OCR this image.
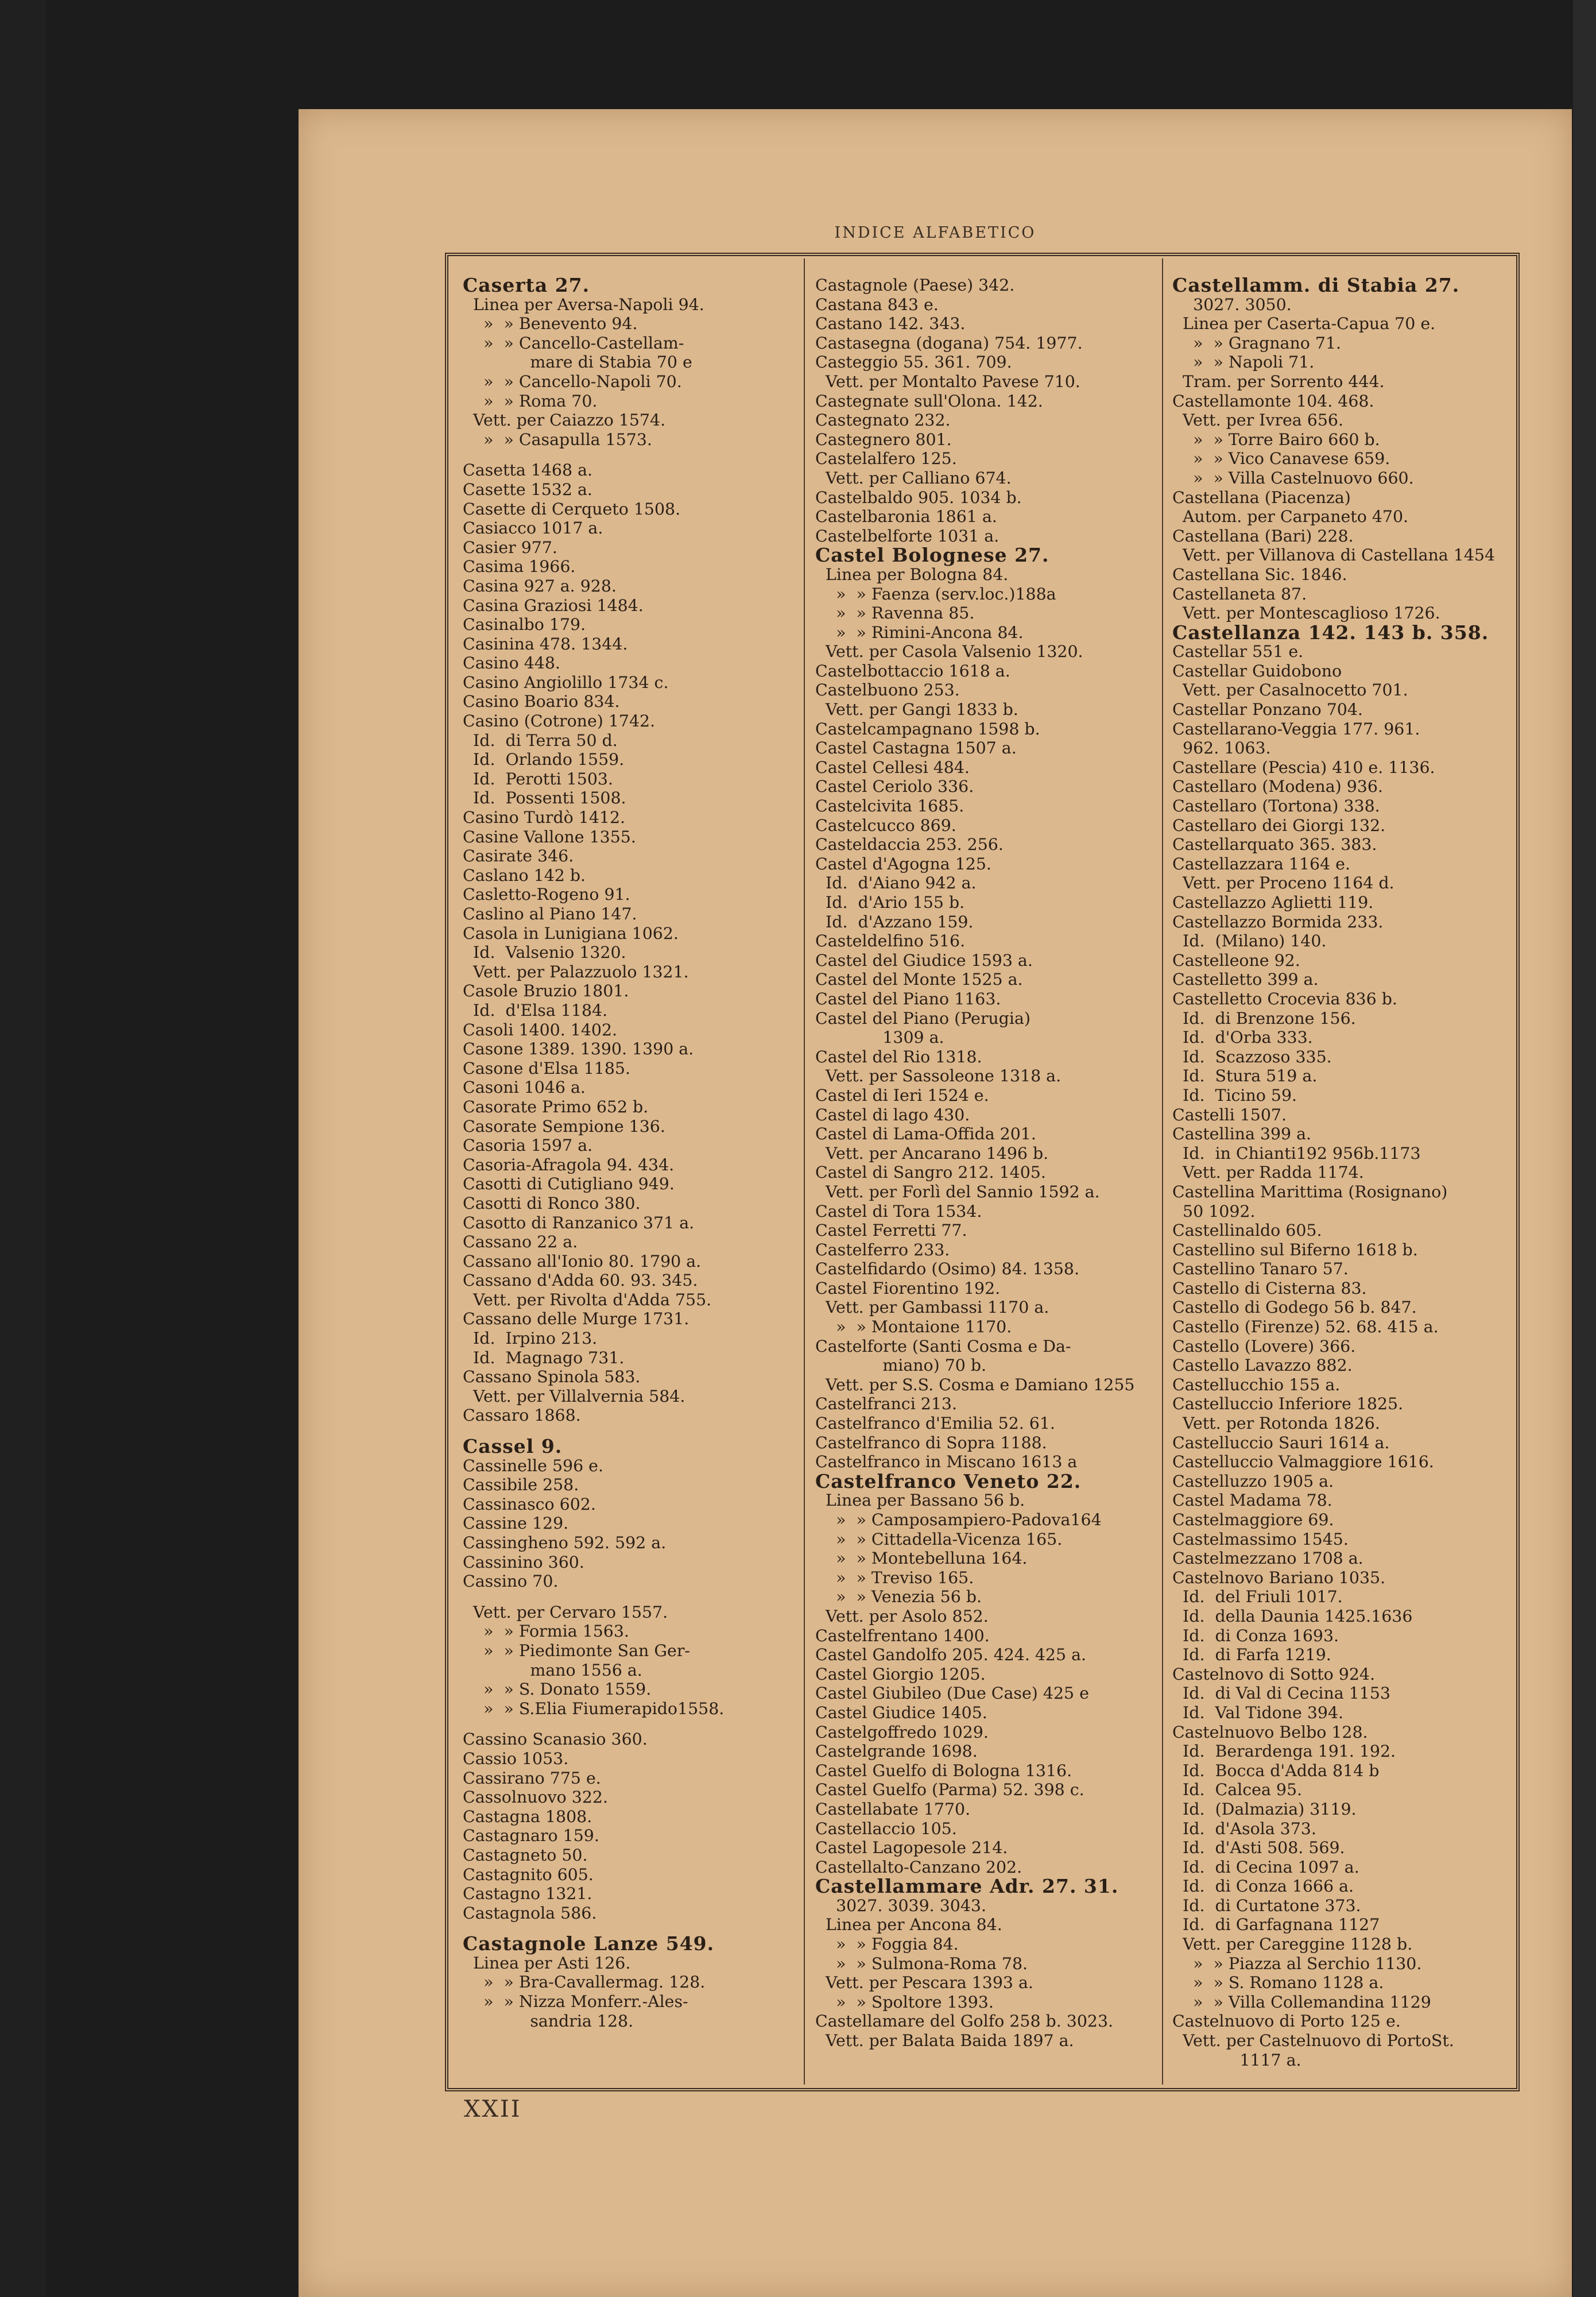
INDICE ALFABETICO
Caserta 27.
Linea per Aversa-Napoli 94.
»  » Benevento 94.
»  » Cancello-Castellam-
mare di Stabia 70 e
»  » Cancello-Napoli 70.
»  » Roma 70.
Vett. per Caiazzo 1574.
»  » Casapulla 1573.
Casetta 1468 a.
Casette 1532 a.
Casette di Cerqueto 1508.
Casiacco 1017 a.
Casier 977.
Casima 1966.
Casina 927 a. 928.
Casina Graziosi 1484.
Casinalbo 179.
Casinina 478. 1344.
Casino 448.
Casino Angiolillo 1734 c.
Casino Boario 834.
Casino (Cotrone) 1742.
Id.  di Terra 50 d.
Id.  Orlando 1559.
Id.  Perotti 1503.
Id.  Possenti 1508.
Casino Turdò 1412.
Casine Vallone 1355.
Casirate 346.
Caslano 142 b.
Casletto-Rogeno 91.
Caslino al Piano 147.
Casola in Lunigiana 1062.
Id.  Valsenio 1320.
Vett. per Palazzuolo 1321.
Casole Bruzio 1801.
Id.  d'Elsa 1184.
Casoli 1400. 1402.
Casone 1389. 1390. 1390 a.
Casone d'Elsa 1185.
Casoni 1046 a.
Casorate Primo 652 b.
Casorate Sempione 136.
Casoria 1597 a.
Casoria-Afragola 94. 434.
Casotti di Cutigliano 949.
Casotti di Ronco 380.
Casotto di Ranzanico 371 a.
Cassano 22 a.
Cassano all'Ionio 80. 1790 a.
Cassano d'Adda 60. 93. 345.
Vett. per Rivolta d'Adda 755.
Cassano delle Murge 1731.
Id.  Irpino 213.
Id.  Magnago 731.
Cassano Spinola 583.
Vett. per Villalvernia 584.
Cassaro 1868.
Cassel 9.
Cassinelle 596 e.
Cassibile 258.
Cassinasco 602.
Cassine 129.
Cassingheno 592. 592 a.
Cassinino 360.
Cassino 70.
Vett. per Cervaro 1557.
»  » Formia 1563.
»  » Piedimonte San Ger-
mano 1556 a.
»  » S. Donato 1559.
»  » S.Elia Fiumerapido1558.
Cassino Scanasio 360.
Cassio 1053.
Cassirano 775 e.
Cassolnuovo 322.
Castagna 1808.
Castagnaro 159.
Castagneto 50.
Castagnito 605.
Castagno 1321.
Castagnola 586.
Castagnole Lanze 549.
Linea per Asti 126.
»  » Bra-Cavallermag. 128.
»  » Nizza Monferr.-Ales-
sandria 128.
Castagnole (Paese) 342.
Castana 843 e.
Castano 142. 343.
Castasegna (dogana) 754. 1977.
Casteggio 55. 361. 709.
Vett. per Montalto Pavese 710.
Castegnate sull'Olona. 142.
Castegnato 232.
Castegnero 801.
Castelalfero 125.
Vett. per Calliano 674.
Castelbaldo 905. 1034 b.
Castelbaronia 1861 a.
Castelbelforte 1031 a.
Castel Bolognese 27.
Linea per Bologna 84.
»  » Faenza (serv.loc.)188a
»  » Ravenna 85.
»  » Rimini-Ancona 84.
Vett. per Casola Valsenio 1320.
Castelbottaccio 1618 a.
Castelbuono 253.
Vett. per Gangi 1833 b.
Castelcampagnano 1598 b.
Castel Castagna 1507 a.
Castel Cellesi 484.
Castel Ceriolo 336.
Castelcivita 1685.
Castelcucco 869.
Casteldaccia 253. 256.
Castel d'Agogna 125.
Id.  d'Aiano 942 a.
Id.  d'Ario 155 b.
Id.  d'Azzano 159.
Casteldelfino 516.
Castel del Giudice 1593 a.
Castel del Monte 1525 a.
Castel del Piano 1163.
Castel del Piano (Perugia)
1309 a.
Castel del Rio 1318.
Vett. per Sassoleone 1318 a.
Castel di Ieri 1524 e.
Castel di lago 430.
Castel di Lama-Offida 201.
Vett. per Ancarano 1496 b.
Castel di Sangro 212. 1405.
Vett. per Forlì del Sannio 1592 a.
Castel di Tora 1534.
Castel Ferretti 77.
Castelferro 233.
Castelfidardo (Osimo) 84. 1358.
Castel Fiorentino 192.
Vett. per Gambassi 1170 a.
»  » Montaione 1170.
Castelforte (Santi Cosma e Da-
miano) 70 b.
Vett. per S.S. Cosma e Damiano 1255
Castelfranci 213.
Castelfranco d'Emilia 52. 61.
Castelfranco di Sopra 1188.
Castelfranco in Miscano 1613 a
Castelfranco Veneto 22.
Linea per Bassano 56 b.
»  » Camposampiero-Padova164
»  » Cittadella-Vicenza 165.
»  » Montebelluna 164.
»  » Treviso 165.
»  » Venezia 56 b.
Vett. per Asolo 852.
Castelfrentano 1400.
Castel Gandolfo 205. 424. 425 a.
Castel Giorgio 1205.
Castel Giubileo (Due Case) 425 e
Castel Giudice 1405.
Castelgoffredo 1029.
Castelgrande 1698.
Castel Guelfo di Bologna 1316.
Castel Guelfo (Parma) 52. 398 c.
Castellabate 1770.
Castellaccio 105.
Castel Lagopesole 214.
Castellalto-Canzano 202.
Castellammare Adr. 27. 31.
3027. 3039. 3043.
Linea per Ancona 84.
»  » Foggia 84.
»  » Sulmona-Roma 78.
Vett. per Pescara 1393 a.
»  » Spoltore 1393.
Castellamare del Golfo 258 b. 3023.
Vett. per Balata Baida 1897 a.
Castellamm. di Stabia 27.
3027. 3050.
Linea per Caserta-Capua 70 e.
»  » Gragnano 71.
»  » Napoli 71.
Tram. per Sorrento 444.
Castellamonte 104. 468.
Vett. per Ivrea 656.
»  » Torre Bairo 660 b.
»  » Vico Canavese 659.
»  » Villa Castelnuovo 660.
Castellana (Piacenza)
Autom. per Carpaneto 470.
Castellana (Bari) 228.
Vett. per Villanova di Castellana 1454
Castellana Sic. 1846.
Castellaneta 87.
Vett. per Montescaglioso 1726.
Castellanza 142. 143 b. 358.
Castellar 551 e.
Castellar Guidobono
Vett. per Casalnocetto 701.
Castellar Ponzano 704.
Castellarano-Veggia 177. 961.
962. 1063.
Castellare (Pescia) 410 e. 1136.
Castellaro (Modena) 936.
Castellaro (Tortona) 338.
Castellaro dei Giorgi 132.
Castellarquato 365. 383.
Castellazzara 1164 e.
Vett. per Proceno 1164 d.
Castellazzo Aglietti 119.
Castellazzo Bormida 233.
Id.  (Milano) 140.
Castelleone 92.
Castelletto 399 a.
Castelletto Croceviа 836 b.
Id.  di Brenzone 156.
Id.  d'Orba 333.
Id.  Scazzoso 335.
Id.  Stura 519 a.
Id.  Ticino 59.
Castelli 1507.
Castellina 399 a.
Id.  in Chianti192 956b.1173
Vett. per Radda 1174.
Castellina Marittima (Rosignano)
50 1092.
Castellinaldo 605.
Castellino sul Biferno 1618 b.
Castellino Tanaro 57.
Castello di Cisterna 83.
Castello di Godego 56 b. 847.
Castello (Firenze) 52. 68. 415 a.
Castello (Lovere) 366.
Castello Lavazzo 882.
Castellucchio 155 a.
Castelluccio Inferiore 1825.
Vett. per Rotonda 1826.
Castelluccio Sauri 1614 a.
Castelluccio Valmaggiore 1616.
Castelluzzo 1905 a.
Castel Madama 78.
Castelmaggiore 69.
Castelmassimo 1545.
Castelmezzano 1708 a.
Castelnovo Bariano 1035.
Id.  del Friuli 1017.
Id.  della Daunia 1425.1636
Id.  di Conza 1693.
Id.  di Farfa 1219.
Castelnovo di Sotto 924.
Id.  di Val di Cecina 1153
Id.  Val Tidone 394.
Castelnuovo Belbo 128.
Id.  Berardenga 191. 192.
Id.  Bocca d'Adda 814 b
Id.  Calcea 95.
Id.  (Dalmazia) 3119.
Id.  d'Asola 373.
Id.  d'Asti 508. 569.
Id.  di Cecina 1097 a.
Id.  di Conza 1666 a.
Id.  di Curtatone 373.
Id.  di Garfagnana 1127
Vett. per Careggine 1128 b.
»  » Piazza al Serchio 1130.
»  » S. Romano 1128 a.
»  » Villa Collemandina 1129
Castelnuovo di Porto 125 e.
Vett. per Castelnuovo di PortoSt.
1117 a.
XXII
